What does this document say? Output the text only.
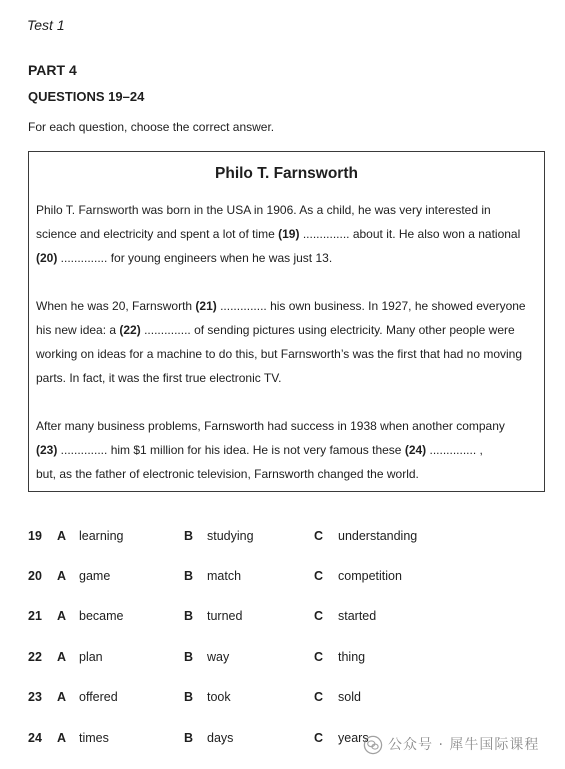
Test 1
PART 4
QUESTIONS 19–24
For each question, choose the correct answer.
Philo T. Farnsworth
Philo T. Farnsworth was born in the USA in 1906. As a child, he was very interested in
science and electricity and spent a lot of time (19) .............. about it. He also won a national
(20) .............. for young engineers when he was just 13.
When he was 20, Farnsworth (21) .............. his own business. In 1927, he showed everyone
his new idea: a (22) .............. of sending pictures using electricity. Many other people were
working on ideas for a machine to do this, but Farnsworth’s was the first that had no moving
parts. In fact, it was the first true electronic TV.
After many business problems, Farnsworth had success in 1938 when another company
(23) .............. him $1 million for his idea. He is not very famous these (24) .............. ,
but, as the father of electronic television, Farnsworth changed the world.
19 A learning	B studying	C understanding
20 A game	B match	C competition
21 A became	B turned	C started
22 A plan	B way	C thing
23 A offered	B took	C sold
24 A times	B days	C years 公众号 · 犀牛国际课程
